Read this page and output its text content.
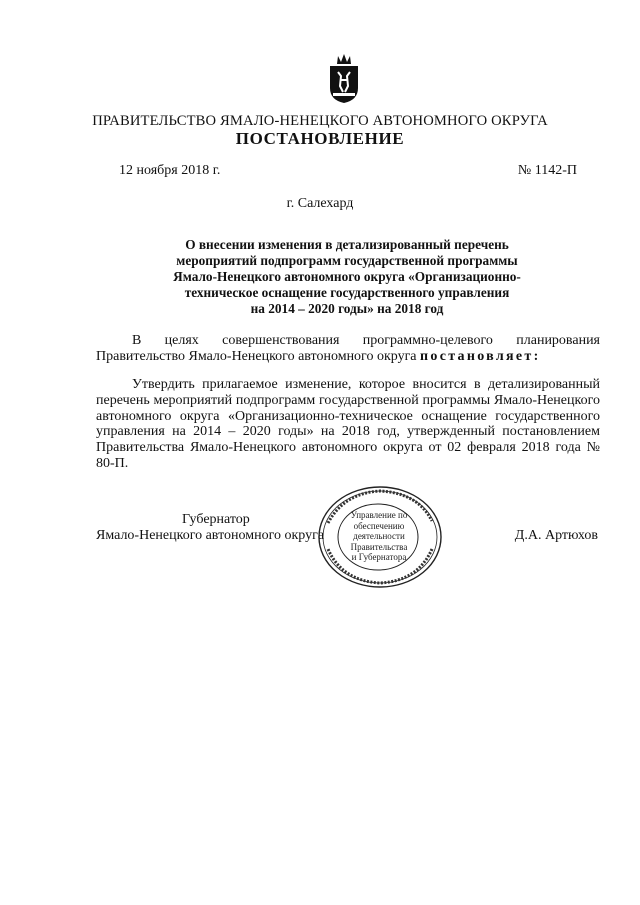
ПРАВИТЕЛЬСТВО ЯМАЛО-НЕНЕЦКОГО АВТОНОМНОГО ОКРУГА
ПОСТАНОВЛЕНИЕ
12 ноября 2018 г.	№ 1142-П
г. Салехард
О внесении изменения в детализированный перечень
мероприятий подпрограмм государственной программы
Ямало-Ненецкого автономного округа «Организационно-
техническое оснащение государственного управления
на 2014 – 2020 годы» на 2018 год
В целях совершенствования программно-целевого планирования Правительство Ямало-Ненецкого автономного округа постановляет:
Утвердить прилагаемое изменение, которое вносится в детализированный перечень мероприятий подпрограмм государственной программы Ямало-Ненецкого автономного округа «Организационно-техническое оснащение государственного управления на 2014 – 2020 годы» на 2018 год, утвержденный постановлением Правительства Ямало-Ненецкого автономного округа от 02 февраля 2018 года № 80-П.
Губернатор
Ямало-Ненецкого автономного округа	Д.А. Артюхов
Управление по
обеспечению
деятельности
Правительства
и Губернатора
